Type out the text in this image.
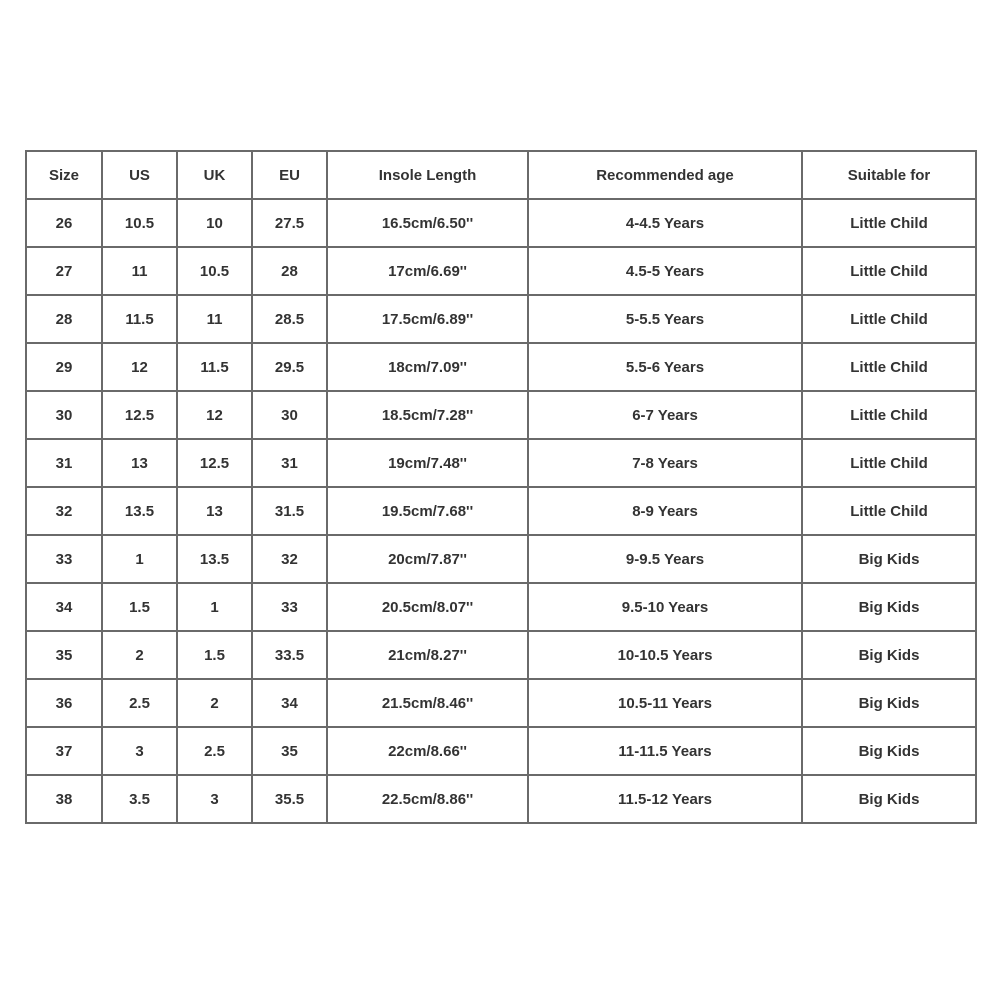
Size	US	UK	EU	Insole Length	Recommended age	Suitable for
26	10.5	10	27.5	16.5cm/6.50''	4-4.5 Years	Little Child
27	11	10.5	28	17cm/6.69''	4.5-5 Years	Little Child
28	11.5	11	28.5	17.5cm/6.89''	5-5.5 Years	Little Child
29	12	11.5	29.5	18cm/7.09''	5.5-6 Years	Little Child
30	12.5	12	30	18.5cm/7.28''	6-7 Years	Little Child
31	13	12.5	31	19cm/7.48''	7-8 Years	Little Child
32	13.5	13	31.5	19.5cm/7.68''	8-9 Years	Little Child
33	1	13.5	32	20cm/7.87''	9-9.5 Years	Big Kids
34	1.5	1	33	20.5cm/8.07''	9.5-10 Years	Big Kids
35	2	1.5	33.5	21cm/8.27''	10-10.5 Years	Big Kids
36	2.5	2	34	21.5cm/8.46''	10.5-11 Years	Big Kids
37	3	2.5	35	22cm/8.66''	11-11.5 Years	Big Kids
38	3.5	3	35.5	22.5cm/8.86''	11.5-12 Years	Big Kids
